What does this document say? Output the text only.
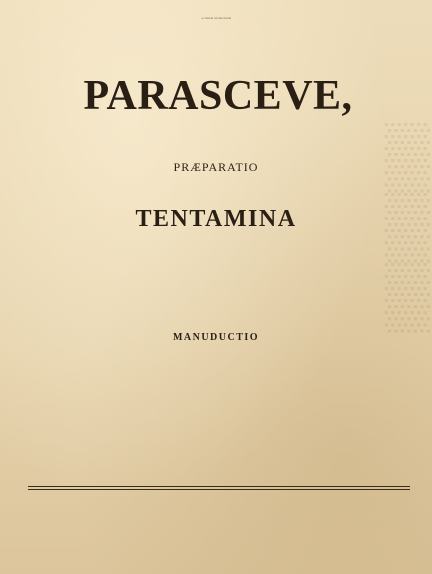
▒
▒
▒
ACTORUM CHYMICORUM
PARASCEVE,
PRÆPARATIO
TENTAMINA
MANUDUCTIO
